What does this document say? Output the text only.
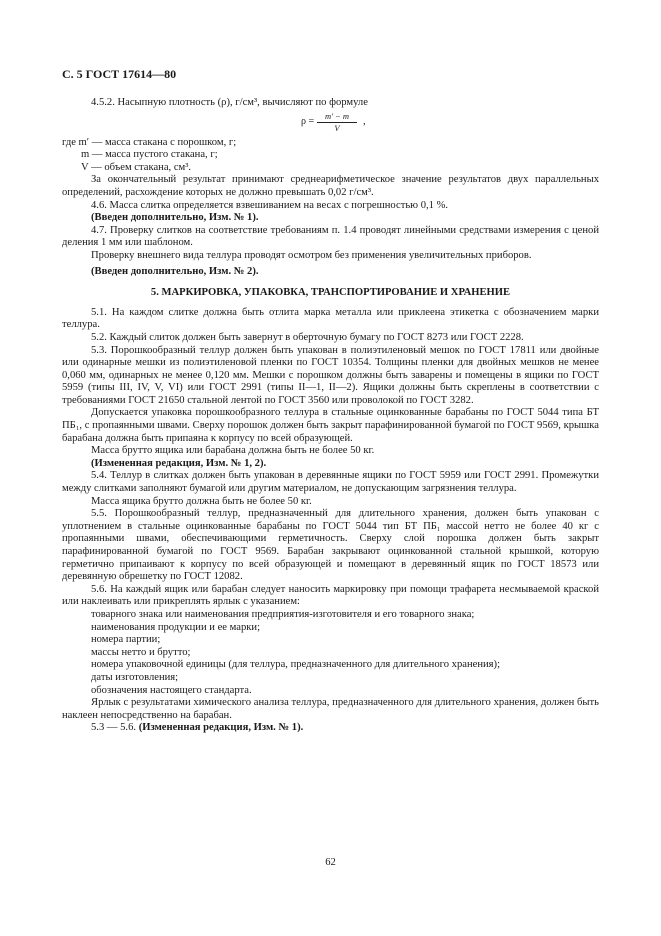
С. 5 ГОСТ 17614—80

4.5.2. Насыпную плотность (ρ), г/см³, вычисляют по формуле

$\rho = \frac{m' - m}{V}$ ,

где m′ — масса стакана с порошком, г;

m — масса пустого стакана, г;

V — объем стакана, см³.

За окончательный результат принимают среднеарифметическое значение результатов двух параллельных определений, расхождение которых не должно превышать 0,02 г/см³.

4.6. Масса слитка определяется взвешиванием на весах с погрешностью 0,1 %.

(Введен дополнительно, Изм. № 1).

4.7. Проверку слитков на соответствие требованиям п. 1.4 проводят линейными средствами измерения с ценой деления 1 мм или шаблоном.

Проверку внешнего вида теллура проводят осмотром без применения увеличительных приборов.

(Введен дополнительно, Изм. № 2).

5. МАРКИРОВКА, УПАКОВКА, ТРАНСПОРТИРОВАНИЕ И ХРАНЕНИЕ

5.1. На каждом слитке должна быть отлита марка металла или приклеена этикетка с обозначением марки теллура.

5.2. Каждый слиток должен быть завернут в оберточную бумагу по ГОСТ 8273 или ГОСТ 2228.

5.3. Порошкообразный теллур должен быть упакован в полиэтиленовый мешок по ГОСТ 17811 или двойные или одинарные мешки из полиэтиленовой пленки по ГОСТ 10354. Толщины пленки для двойных мешков не менее 0,060 мм, одинарных не менее 0,120 мм. Мешки с порошком должны быть заварены и помещены в ящики по ГОСТ 5959 (типы III, IV, V, VI) или ГОСТ 2991 (типы II—1, II—2). Ящики должны быть скреплены в соответствии с требованиями ГОСТ 21650 стальной лентой по ГОСТ 3560 или проволокой по ГОСТ 3282.

Допускается упаковка порошкообразного теллура в стальные оцинкованные барабаны по ГОСТ 5044 типа БТ ПБ₁, с пропаянными швами. Сверху порошок должен быть закрыт парафинированной бумагой по ГОСТ 9569, крышка барабана должна быть припаяна к корпусу по всей образующей.

Масса брутто ящика или барабана должна быть не более 50 кг.

(Измененная редакция, Изм. № 1, 2).

5.4. Теллур в слитках должен быть упакован в деревянные ящики по ГОСТ 5959 или ГОСТ 2991. Промежутки между слитками заполняют бумагой или другим материалом, не допускающим загрязнения теллура.

Масса ящика брутто должна быть не более 50 кг.

5.5. Порошкообразный теллур, предназначенный для длительного хранения, должен быть упакован с уплотнением в стальные оцинкованные барабаны по ГОСТ 5044 тип БТ ПБ₁ массой нетто не более 40 кг с пропаянными швами, обеспечивающими герметичность. Сверху слой порошка должен быть закрыт парафинированной бумагой по ГОСТ 9569. Барабан закрывают оцинкованной стальной крышкой, которую герметично припаивают к корпусу по всей образующей и помещают в деревянный ящик по ГОСТ 18573 или деревянную обрешетку по ГОСТ 12082.

5.6. На каждый ящик или барабан следует наносить маркировку при помощи трафарета несмываемой краской или наклеивать или прикреплять ярлык с указанием:

товарного знака или наименования предприятия-изготовителя и его товарного знака;

наименования продукции и ее марки;

номера партии;

массы нетто и брутто;

номера упаковочной единицы (для теллура, предназначенного для длительного хранения);

даты изготовления;

обозначения настоящего стандарта.

Ярлык с результатами химического анализа теллура, предназначенного для длительного хранения, должен быть наклеен непосредственно на барабан.

5.3 — 5.6. (Измененная редакция, Изм. № 1).

62
